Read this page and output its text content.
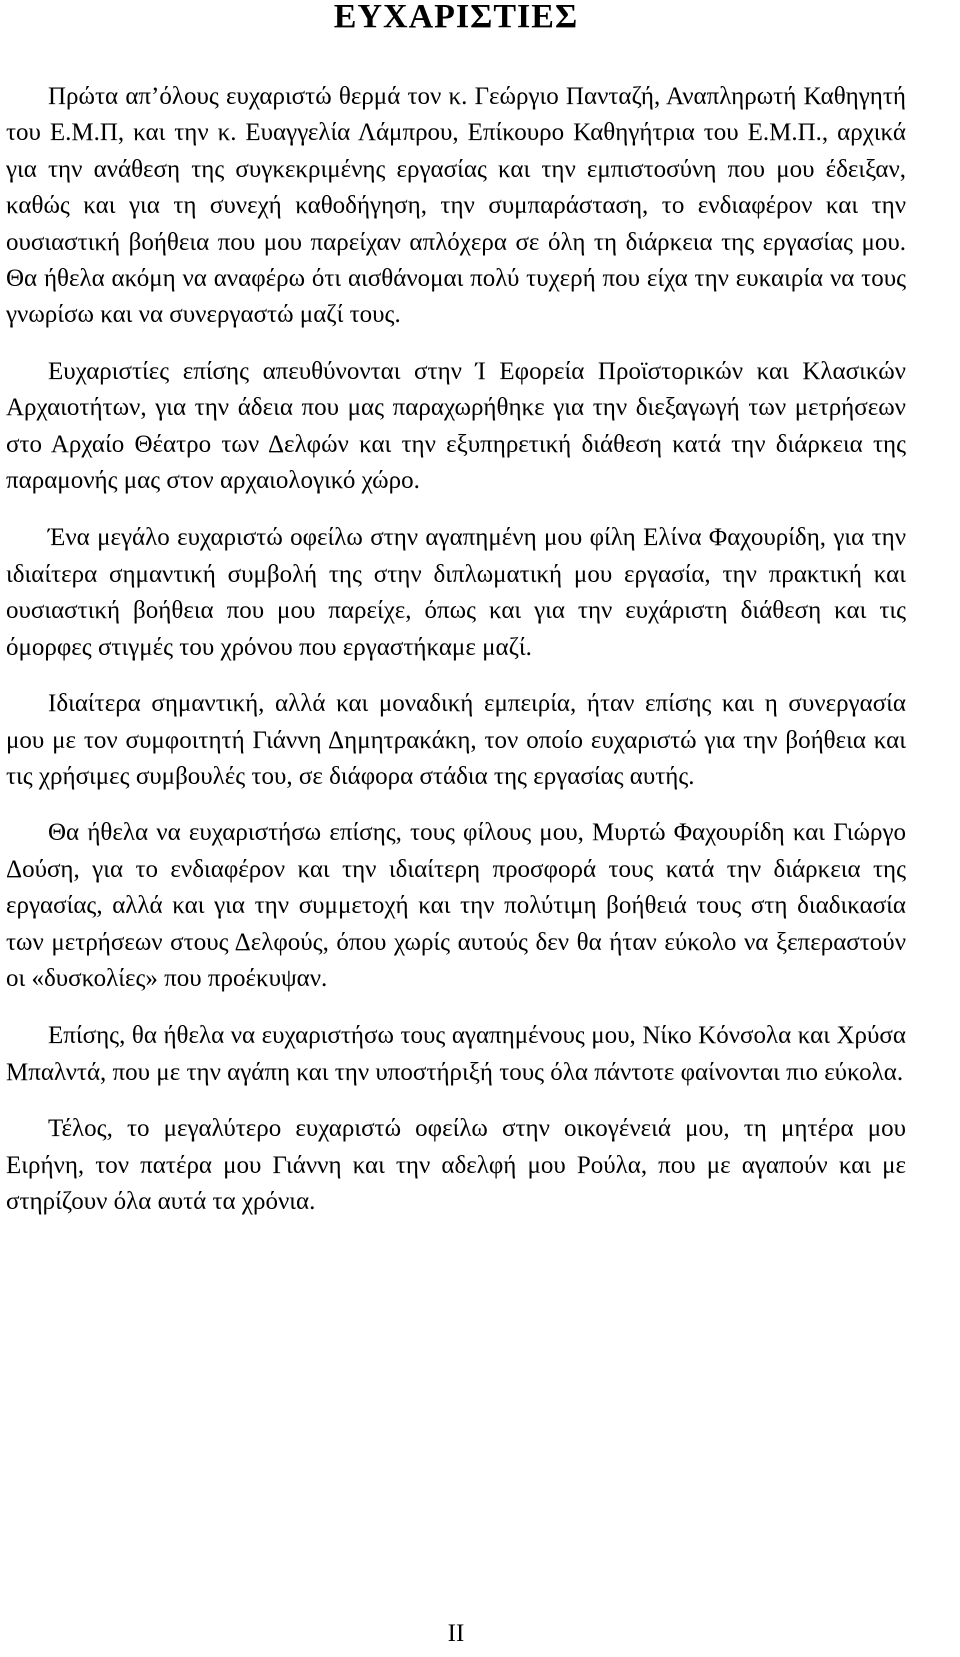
ΕΥΧΑΡΙΣΤΙΕΣ

Πρώτα απ’όλους ευχαριστώ θερμά τον κ. Γεώργιο Πανταζή, Αναπληρωτή Καθηγητή του Ε.Μ.Π, και την κ. Ευαγγελία Λάμπρου, Επίκουρο Καθηγήτρια του Ε.Μ.Π., αρχικά για την ανάθεση της συγκεκριμένης εργασίας και την εμπιστοσύνη που μου έδειξαν, καθώς και για τη συνεχή καθοδήγηση, την συμπαράσταση, το ενδιαφέρον και την ουσιαστική βοήθεια που μου παρείχαν απλόχερα σε όλη τη διάρκεια της εργασίας μου. Θα ήθελα ακόμη να αναφέρω ότι αισθάνομαι πολύ τυχερή που είχα την ευκαιρία να τους γνωρίσω και να συνεργαστώ μαζί τους.

Ευχαριστίες επίσης απευθύνονται στην Ί Εφορεία Προϊστορικών και Κλασικών Αρχαιοτήτων, για την άδεια που μας παραχωρήθηκε για την διεξαγωγή των μετρήσεων στο Αρχαίο Θέατρο των Δελφών και την εξυπηρετική διάθεση κατά την διάρκεια της παραμονής μας στον αρχαιολογικό χώρο.

Ένα μεγάλο ευχαριστώ οφείλω στην αγαπημένη μου φίλη Ελίνα Φαχουρίδη, για την ιδιαίτερα σημαντική συμβολή της στην διπλωματική μου εργασία, την πρακτική και ουσιαστική βοήθεια που μου παρείχε, όπως και για την ευχάριστη διάθεση και τις όμορφες στιγμές του χρόνου που εργαστήκαμε μαζί.

Ιδιαίτερα σημαντική, αλλά και μοναδική εμπειρία, ήταν επίσης και η συνεργασία μου με τον συμφοιτητή Γιάννη Δημητρακάκη, τον οποίο ευχαριστώ για την βοήθεια και τις χρήσιμες συμβουλές του, σε διάφορα στάδια της εργασίας αυτής.

Θα ήθελα να ευχαριστήσω επίσης, τους φίλους μου, Μυρτώ Φαχουρίδη και Γιώργο Δούση, για το ενδιαφέρον και την ιδιαίτερη προσφορά τους κατά την διάρκεια της εργασίας, αλλά και για την συμμετοχή και την πολύτιμη βοήθειά τους στη διαδικασία των μετρήσεων στους Δελφούς, όπου χωρίς αυτούς δεν θα ήταν εύκολο να ξεπεραστούν οι «δυσκολίες» που προέκυψαν.

Επίσης, θα ήθελα να ευχαριστήσω τους αγαπημένους μου, Νίκο Κόνσολα και Χρύσα Μπαλντά, που με την αγάπη και την υποστήριξή τους όλα πάντοτε φαίνονται πιο εύκολα.

Τέλος, το μεγαλύτερο ευχαριστώ οφείλω στην οικογένειά μου, τη μητέρα μου Ειρήνη, τον πατέρα μου Γιάννη και την αδελφή μου Ρούλα, που με αγαπούν και με στηρίζουν όλα αυτά τα χρόνια.

II
